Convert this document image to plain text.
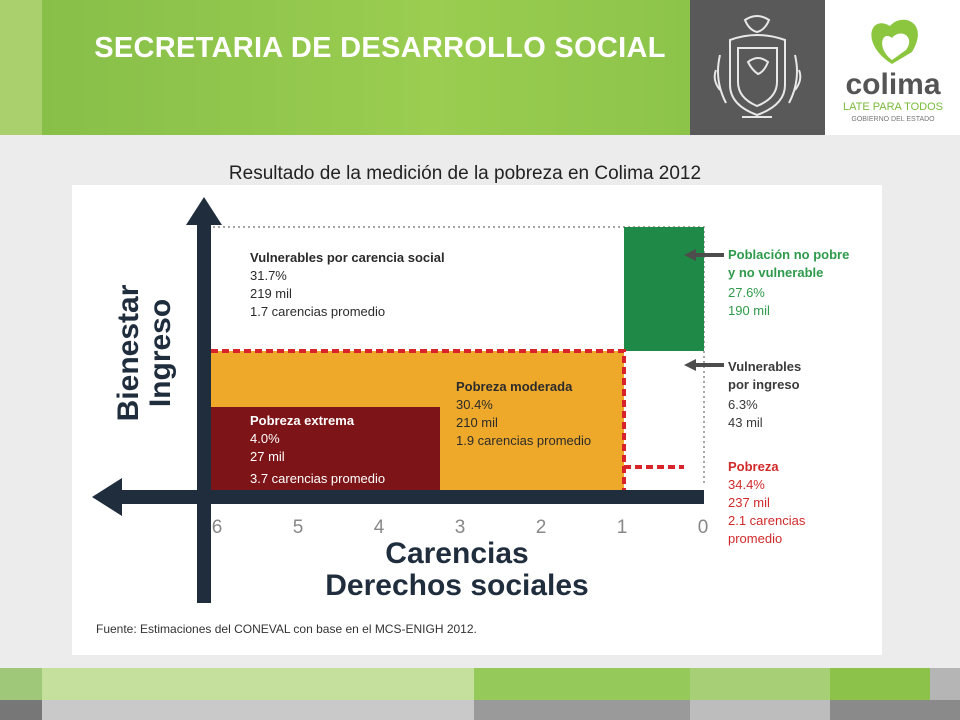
SECRETARIA DE DESARROLLO SOCIAL
colima
LATE PARA TODOS
GOBIERNO DEL ESTADO
Resultado de la medición de la pobreza en Colima 2012
6	5	4	3	2	1	0
Carencias
Derechos sociales
Bienestar Ingreso
Vulnerables por carencia social
31.7%
219 mil
1.7 carencias promedio
Pobreza moderada
30.4%
210 mil
1.9 carencias promedio
Pobreza extrema
4.0%
27 mil
3.7 carencias promedio
Población no pobre
y no vulnerable
27.6%
190 mil
Vulnerables
por ingreso
6.3%
43 mil
Pobreza
34.4%
237 mil
2.1 carencias
promedio
Fuente: Estimaciones del CONEVAL con base en el MCS-ENIGH 2012.
